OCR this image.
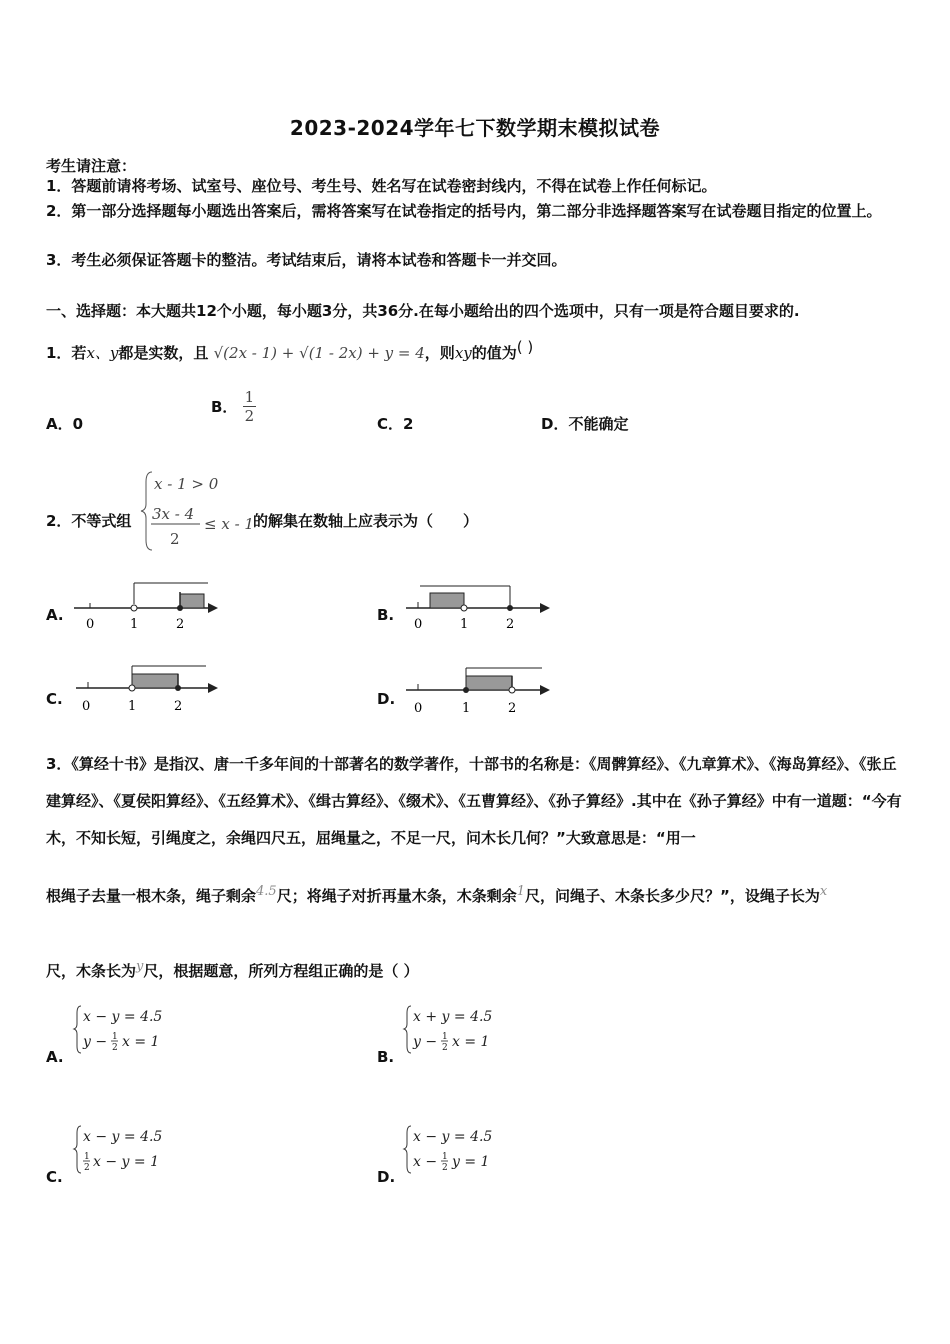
2023-2024学年七下数学期末模拟试卷
考生请注意：
1．答题前请将考场、试室号、座位号、考生号、姓名写在试卷密封线内，不得在试卷上作任何标记。
2．第一部分选择题每小题选出答案后，需将答案写在试卷指定的括号内，第二部分非选择题答案写在试卷题目指定的位置上。
3．考生必须保证答题卡的整洁。考试结束后，请将本试卷和答题卡一并交回。
一、选择题：本大题共12个小题，每小题3分，共36分.在每小题给出的四个选项中，只有一项是符合题目要求的.
1．若x、y都是实数，且 √(2x - 1) + √(1 - 2x) + y = 4，则xy的值为( )
A．0
B． $\frac{1}{2}$	C．2	D．不能确定
2．不等式组
x - 1 > 0
3x - 4
2
≤ x - 1 的解集在数轴上应表示为（　　）
A.
0	1	2
B.
0	1	2
C. 0	1	2	D.
0	1	2
3．《算经十书》是指汉、唐一千多年间的十部著名的数学著作，十部书的名称是：《周髀算经》、《九章算术》、《海岛算经》、《张丘建算经》、《夏侯阳算经》、《五经算术》、《缉古算经》、《缀术》、《五曹算经》、《孙子算经》.其中在《孙子算经》中有一道题：“今有木，不知长短，引绳度之，余绳四尺五，屈绳量之，不足一尺，问木长几何？”大致意思是：“用一
根绳子去量一根木条，绳子剩余4.5尺；将绳子对折再量木条，木条剩余1尺，问绳子、木条长多少尺？”，设绳子长为x
尺，木条长为y尺，根据题意，所列方程组正确的是（ ）
A.
x − y = 4.5
y − 1
2 x = 1
B.
x + y = 4.5
y − 1
2 x = 1
C.
x − y = 4.5
1
2 x − y = 1
D.
x − y = 4.5
x − 1
2 y = 1
